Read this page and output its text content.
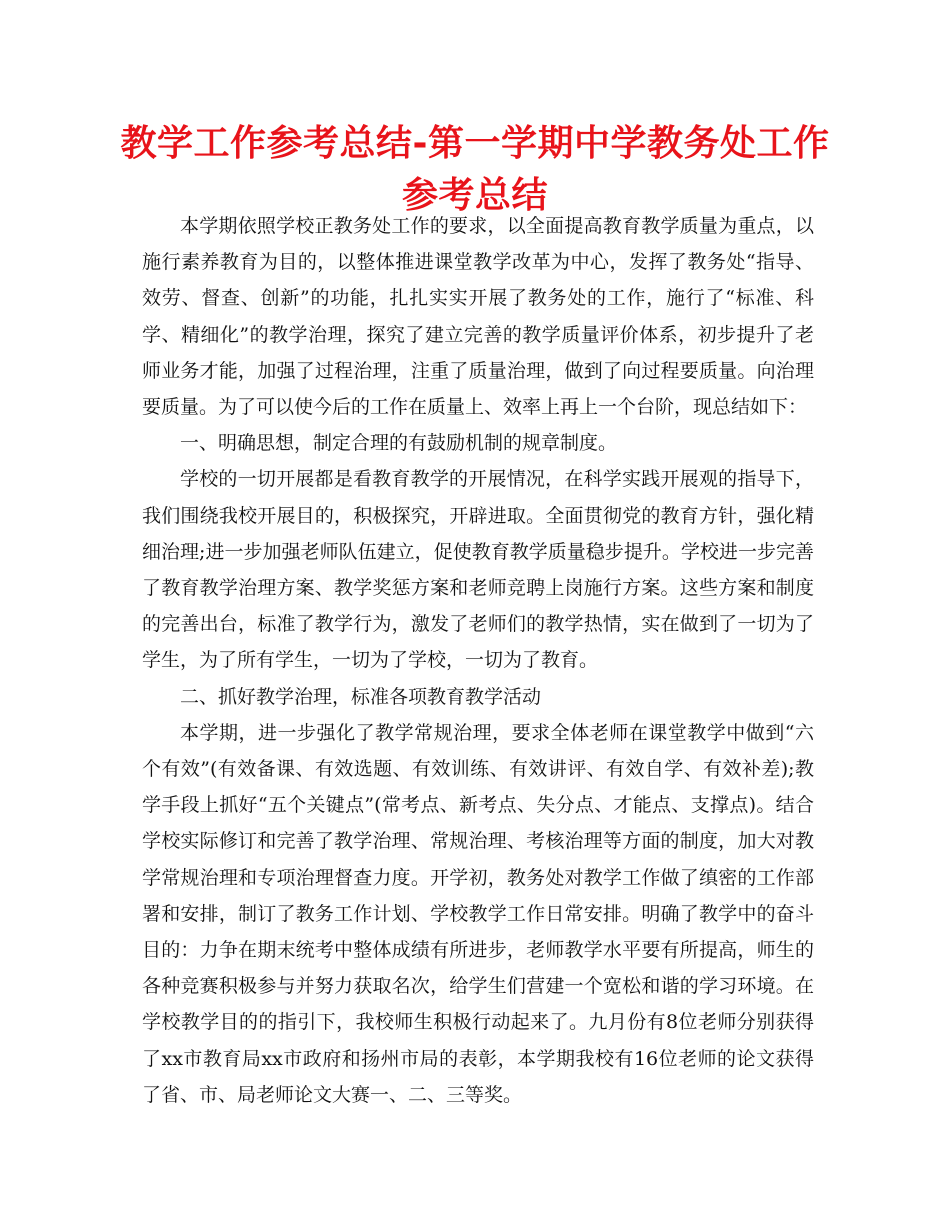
教学工作参考总结-第一学期中学教务处工作参考总结

本学期依照学校正教务处工作的要求，以全面提高教育教学质量为重点，以施行素养教育为目的，以整体推进课堂教学改革为中心，发挥了教务处“指导、效劳、督查、创新”的功能，扎扎实实开展了教务处的工作，施行了“标准、科学、精细化”的教学治理，探究了建立完善的教学质量评价体系，初步提升了老师业务才能，加强了过程治理，注重了质量治理，做到了向过程要质量。向治理要质量。为了可以使今后的工作在质量上、效率上再上一个台阶，现总结如下：

一、明确思想，制定合理的有鼓励机制的规章制度。

学校的一切开展都是看教育教学的开展情况，在科学实践开展观的指导下，我们围绕我校开展目的，积极探究，开辟进取。全面贯彻党的教育方针，强化精细治理;进一步加强老师队伍建立，促使教育教学质量稳步提升。学校进一步完善了教育教学治理方案、教学奖惩方案和老师竞聘上岗施行方案。这些方案和制度的完善出台，标准了教学行为，激发了老师们的教学热情，实在做到了一切为了学生，为了所有学生，一切为了学校，一切为了教育。

二、抓好教学治理，标准各项教育教学活动

本学期，进一步强化了教学常规治理，要求全体老师在课堂教学中做到“六个有效”(有效备课、有效选题、有效训练、有效讲评、有效自学、有效补差);教学手段上抓好“五个关键点”(常考点、新考点、失分点、才能点、支撑点)。结合学校实际修订和完善了教学治理、常规治理、考核治理等方面的制度，加大对教学常规治理和专项治理督查力度。开学初，教务处对教学工作做了缜密的工作部署和安排，制订了教务工作计划、学校教学工作日常安排。明确了教学中的奋斗目的：力争在期末统考中整体成绩有所进步，老师教学水平要有所提高，师生的各种竞赛积极参与并努力获取名次，给学生们营建一个宽松和谐的学习环境。在学校教学目的的指引下，我校师生积极行动起来了。九月份有8位老师分别获得了xx市教育局xx市政府和扬州市局的表彰，本学期我校有16位老师的论文获得了省、市、局老师论文大赛一、二、三等奖。
